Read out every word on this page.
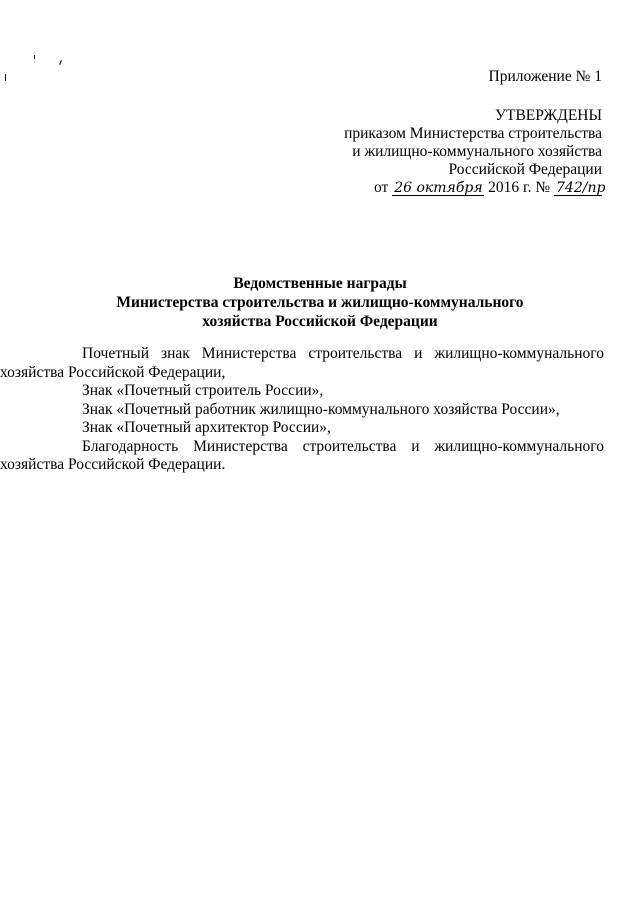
Приложение № 1
УТВЕРЖДЕНЫ
приказом Министерства строительства
и жилищно-коммунального хозяйства
Российской Федерации
от 26 октября 2016 г. № 742/пр
Ведомственные награды
Министерства строительства и жилищно-коммунального
хозяйства Российской Федерации
Почетный знак Министерства строительства и жилищно-коммунального
хозяйства Российской Федерации,
Знак «Почетный строитель России»,
Знак «Почетный работник жилищно-коммунального хозяйства России»,
Знак «Почетный архитектор России»,
Благодарность Министерства строительства и жилищно-коммунального
хозяйства Российской Федерации.
